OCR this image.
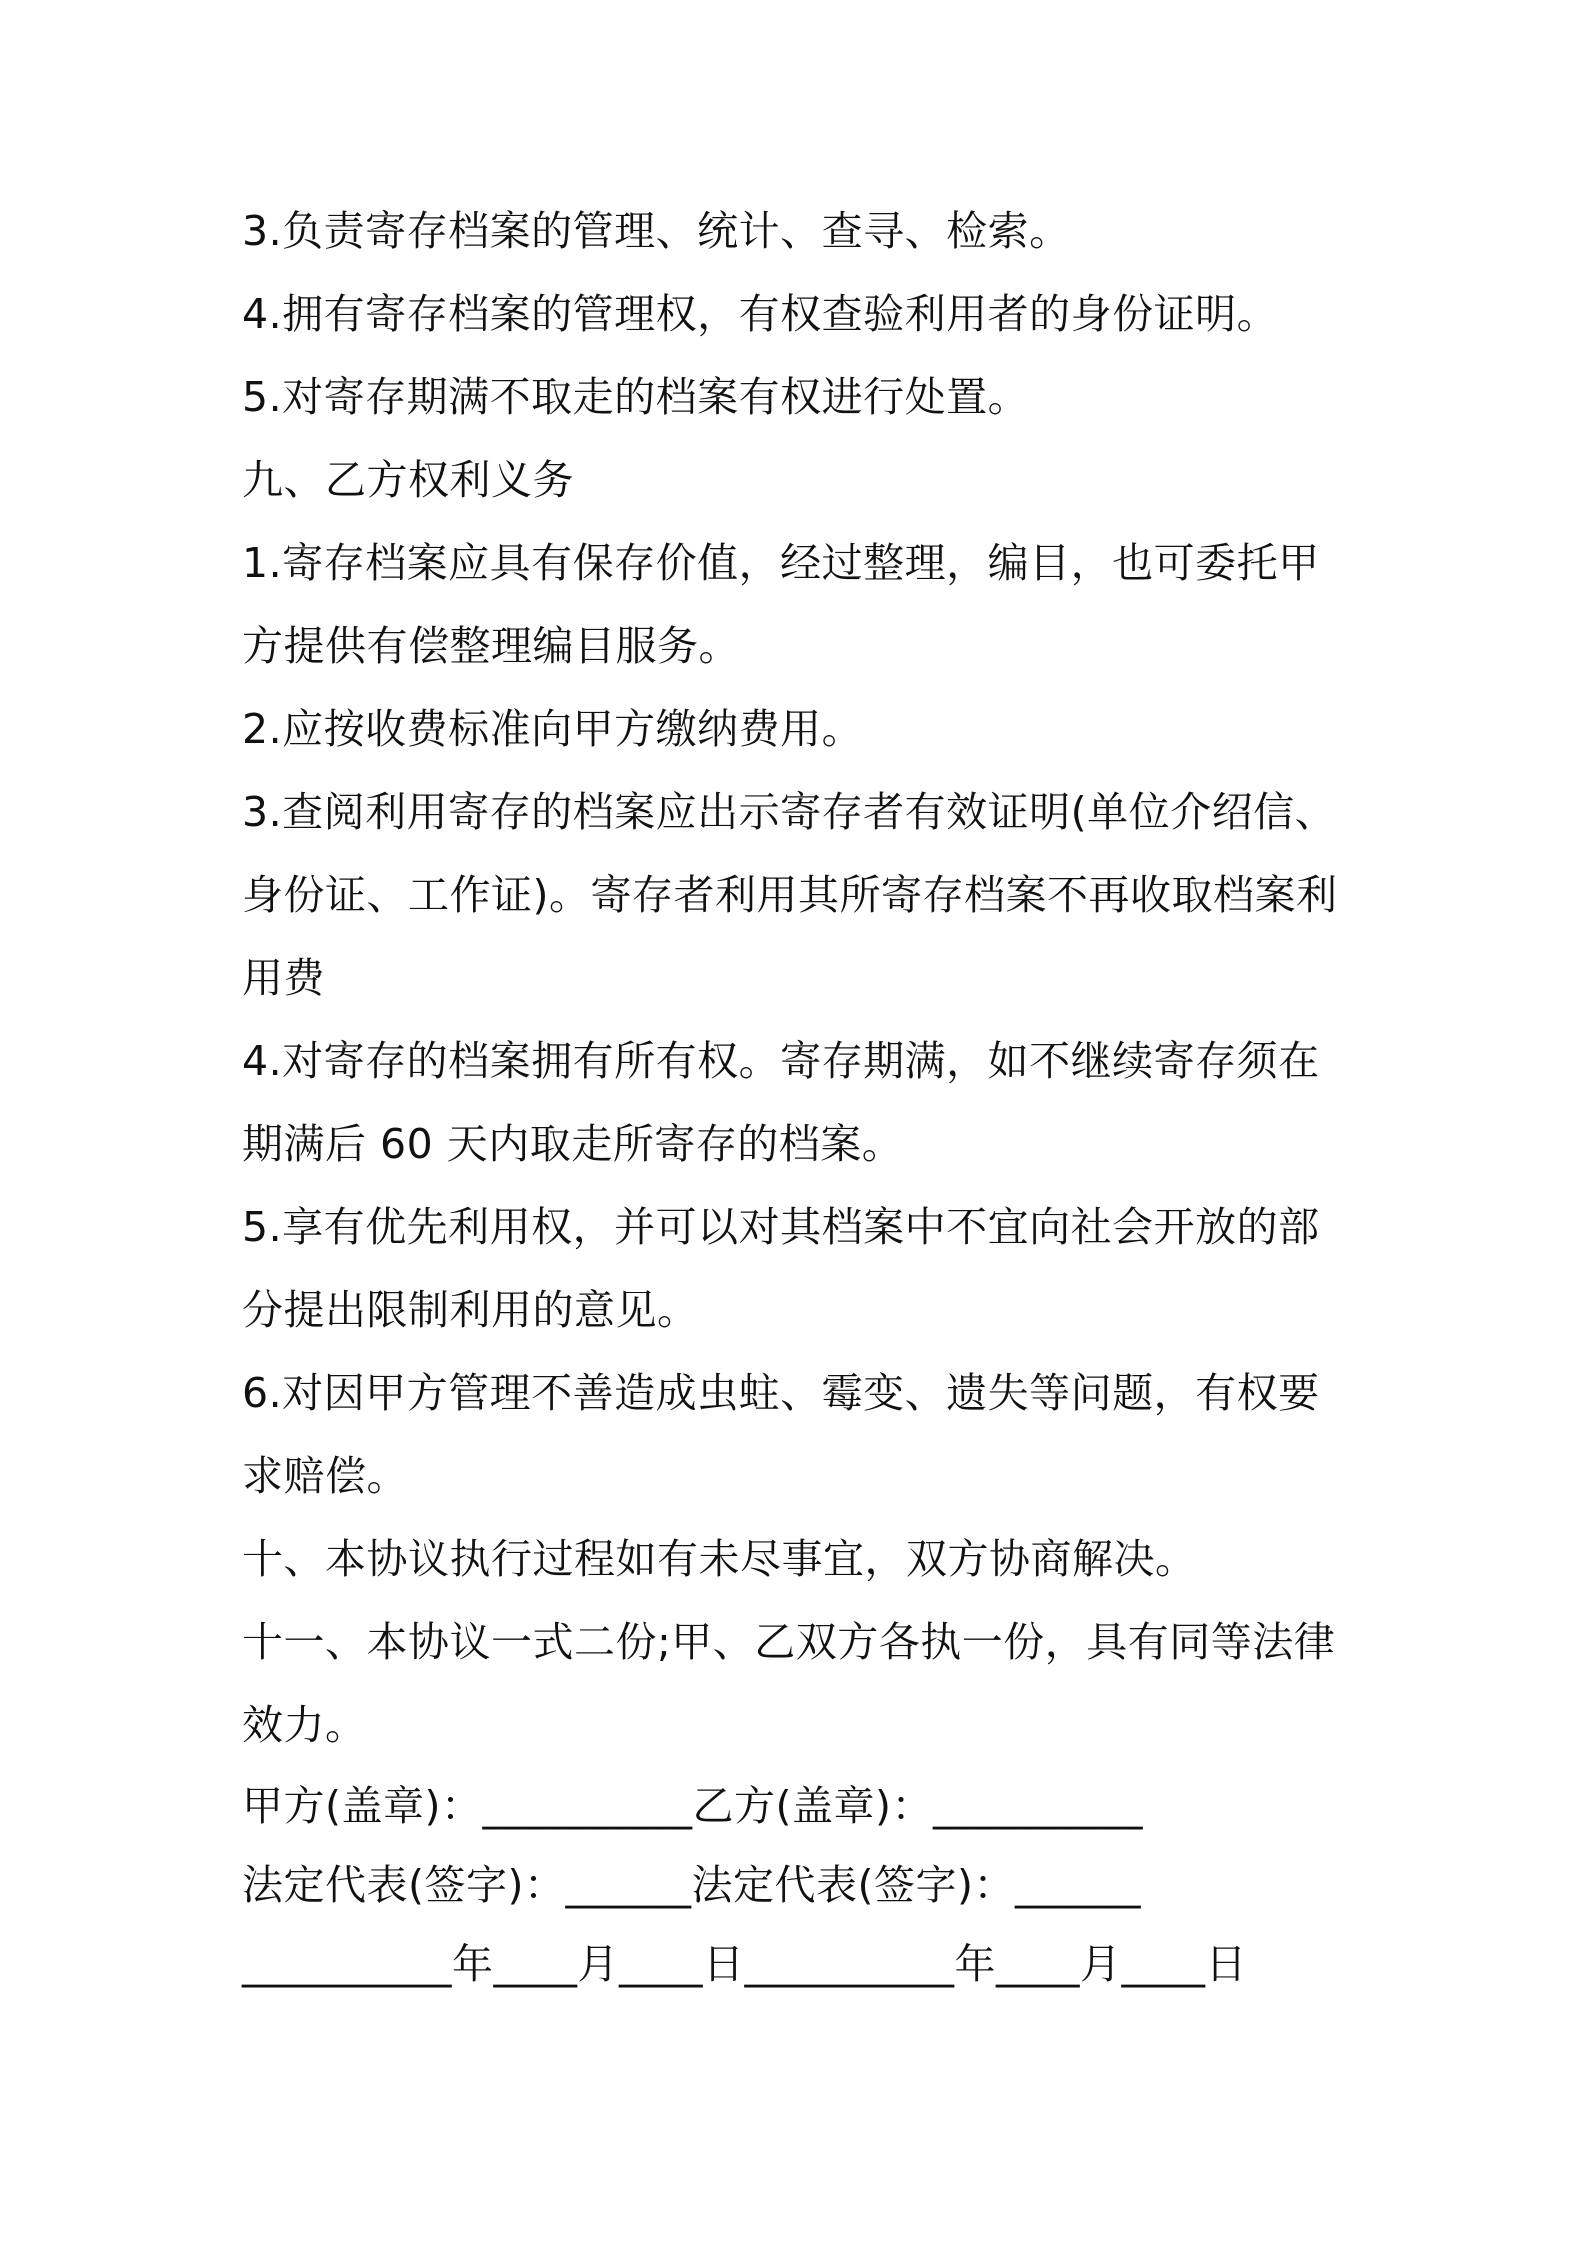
3.负责寄存档案的管理、统计、查寻、检索。

4.拥有寄存档案的管理权，有权查验利用者的身份证明。

5.对寄存期满不取走的档案有权进行处置。

九、乙方权利义务

1.寄存档案应具有保存价值，经过整理，编目，也可委托甲
方提供有偿整理编目服务。

2.应按收费标准向甲方缴纳费用。

3.查阅利用寄存的档案应出示寄存者有效证明(单位介绍信、
身份证、工作证)。寄存者利用其所寄存档案不再收取档案利
用费

4.对寄存的档案拥有所有权。寄存期满，如不继续寄存须在
期满后 60 天内取走所寄存的档案。

5.享有优先利用权，并可以对其档案中不宜向社会开放的部
分提出限制利用的意见。

6.对因甲方管理不善造成虫蛀、霉变、遗失等问题，有权要
求赔偿。

十、本协议执行过程如有未尽事宜，双方协商解决。

十一、本协议一式二份;甲、乙双方各执一份，具有同等法律
效力。

甲方(盖章)：__________乙方(盖章)：__________

法定代表(签字)：______法定代表(签字)：______

__________年____月____日__________年____月____日
